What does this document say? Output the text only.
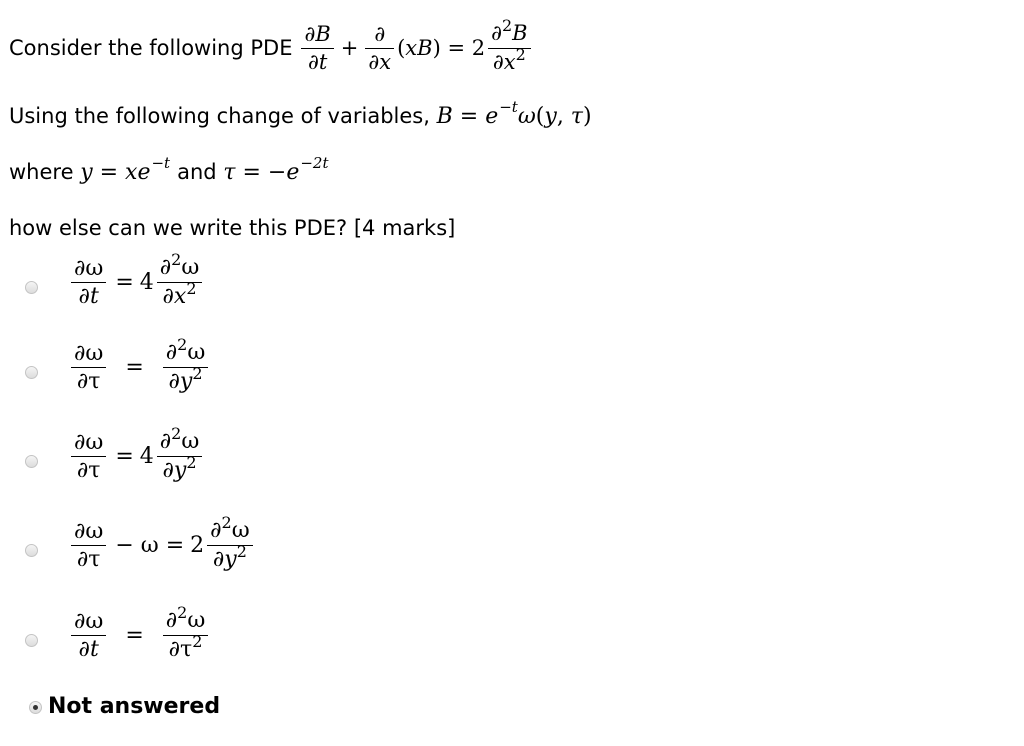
Consider the following PDE $\frac{\partial B}{\partial t} + \frac{\partial}{\partial x} (xB) = 2 \frac{\partial^2B}{\partial x^2}$
Using the following change of variables, $B = e^{-t}\omega(y$, τ)
where $y = xe^{-t}$ and $\tau = -e^{-2t}$
how else can we write this PDE? [4 marks]
$\frac{\partial\omega}{\partial t} = 4 \frac{\partial^2\omega}{\partial x^2}$
$\frac{\partial\omega}{\partial\tau} = \frac{\partial^2\omega}{\partial y^2}$
$\frac{\partial\omega}{\partial\tau} = 4 \frac{\partial^2\omega}{\partial y^2}$
$\frac{\partial\omega}{\partial\tau} - \omega = 2 \frac{\partial^2\omega}{\partial y^2}$
$\frac{\partial\omega}{\partial t} = \frac{\partial^2\omega}{\partial\tau^2}$
Not answered
